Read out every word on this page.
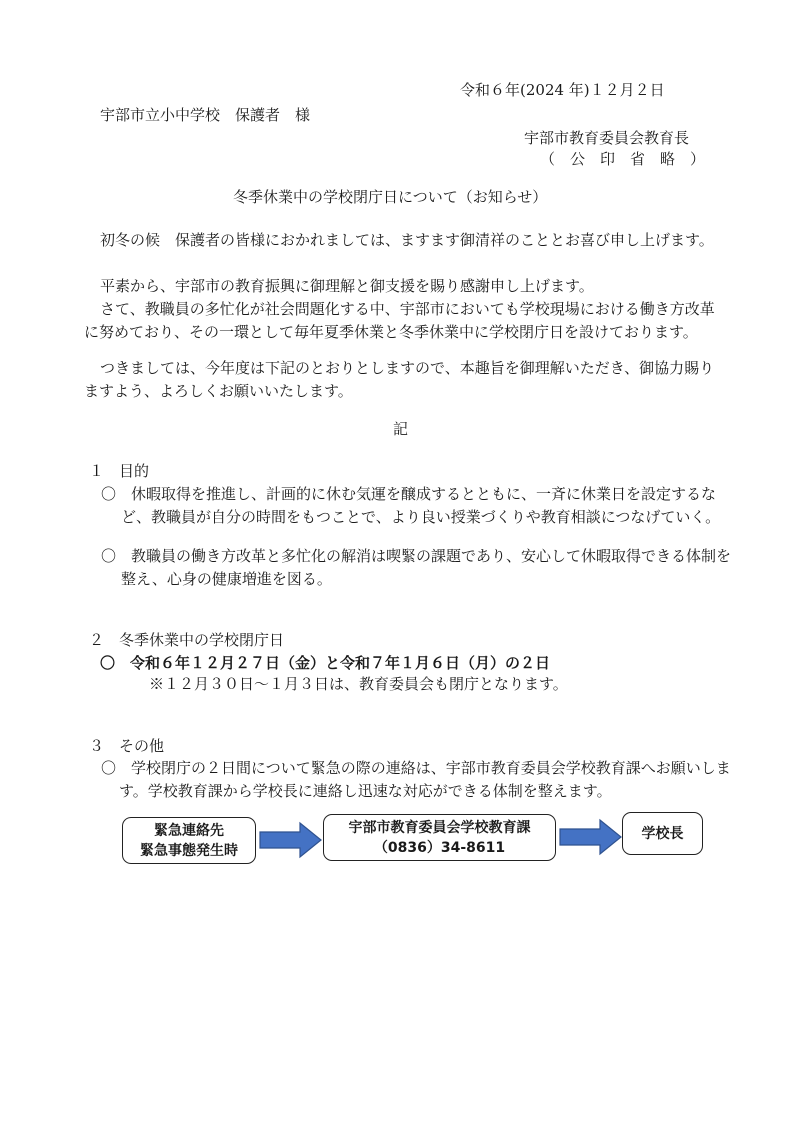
令和６年(2024 年)１２月２日
宇部市立小中学校　保護者　様
宇部市教育委員会教育長
（　公　印　省　略　）
冬季休業中の学校閉庁日について（お知らせ）
初冬の候　保護者の皆様におかれましては、ますます御清祥のこととお喜び申し上げます。
平素から、宇部市の教育振興に御理解と御支援を賜り感謝申し上げます。
さて、教職員の多忙化が社会問題化する中、宇部市においても学校現場における働き方改革に努めており、その一環として毎年夏季休業と冬季休業中に学校閉庁日を設けております。
つきましては、今年度は下記のとおりとしますので、本趣旨を御理解いただき、御協力賜りますよう、よろしくお願いいたします。
記
１　目的
〇　休暇取得を推進し、計画的に休む気運を醸成するとともに、一斉に休業日を設定するなど、教職員が自分の時間をもつことで、より良い授業づくりや教育相談につなげていく。
〇　教職員の働き方改革と多忙化の解消は喫緊の課題であり、安心して休暇取得できる体制を整え、心身の健康増進を図る。
２　冬季休業中の学校閉庁日
〇 令和６年１２月２７日（金）と令和７年１月６日（月）の２日
※１２月３０日～１月３日は、教育委員会も閉庁となります。
３　その他
〇　学校閉庁の２日間について緊急の際の連絡は、宇部市教育委員会学校教育課へお願いします。学校教育課から学校長に連絡し迅速な対応ができる体制を整えます。
緊急連絡先
緊急事態発生時
宇部市教育委員会学校教育課
（0836）34-8611
学校長
